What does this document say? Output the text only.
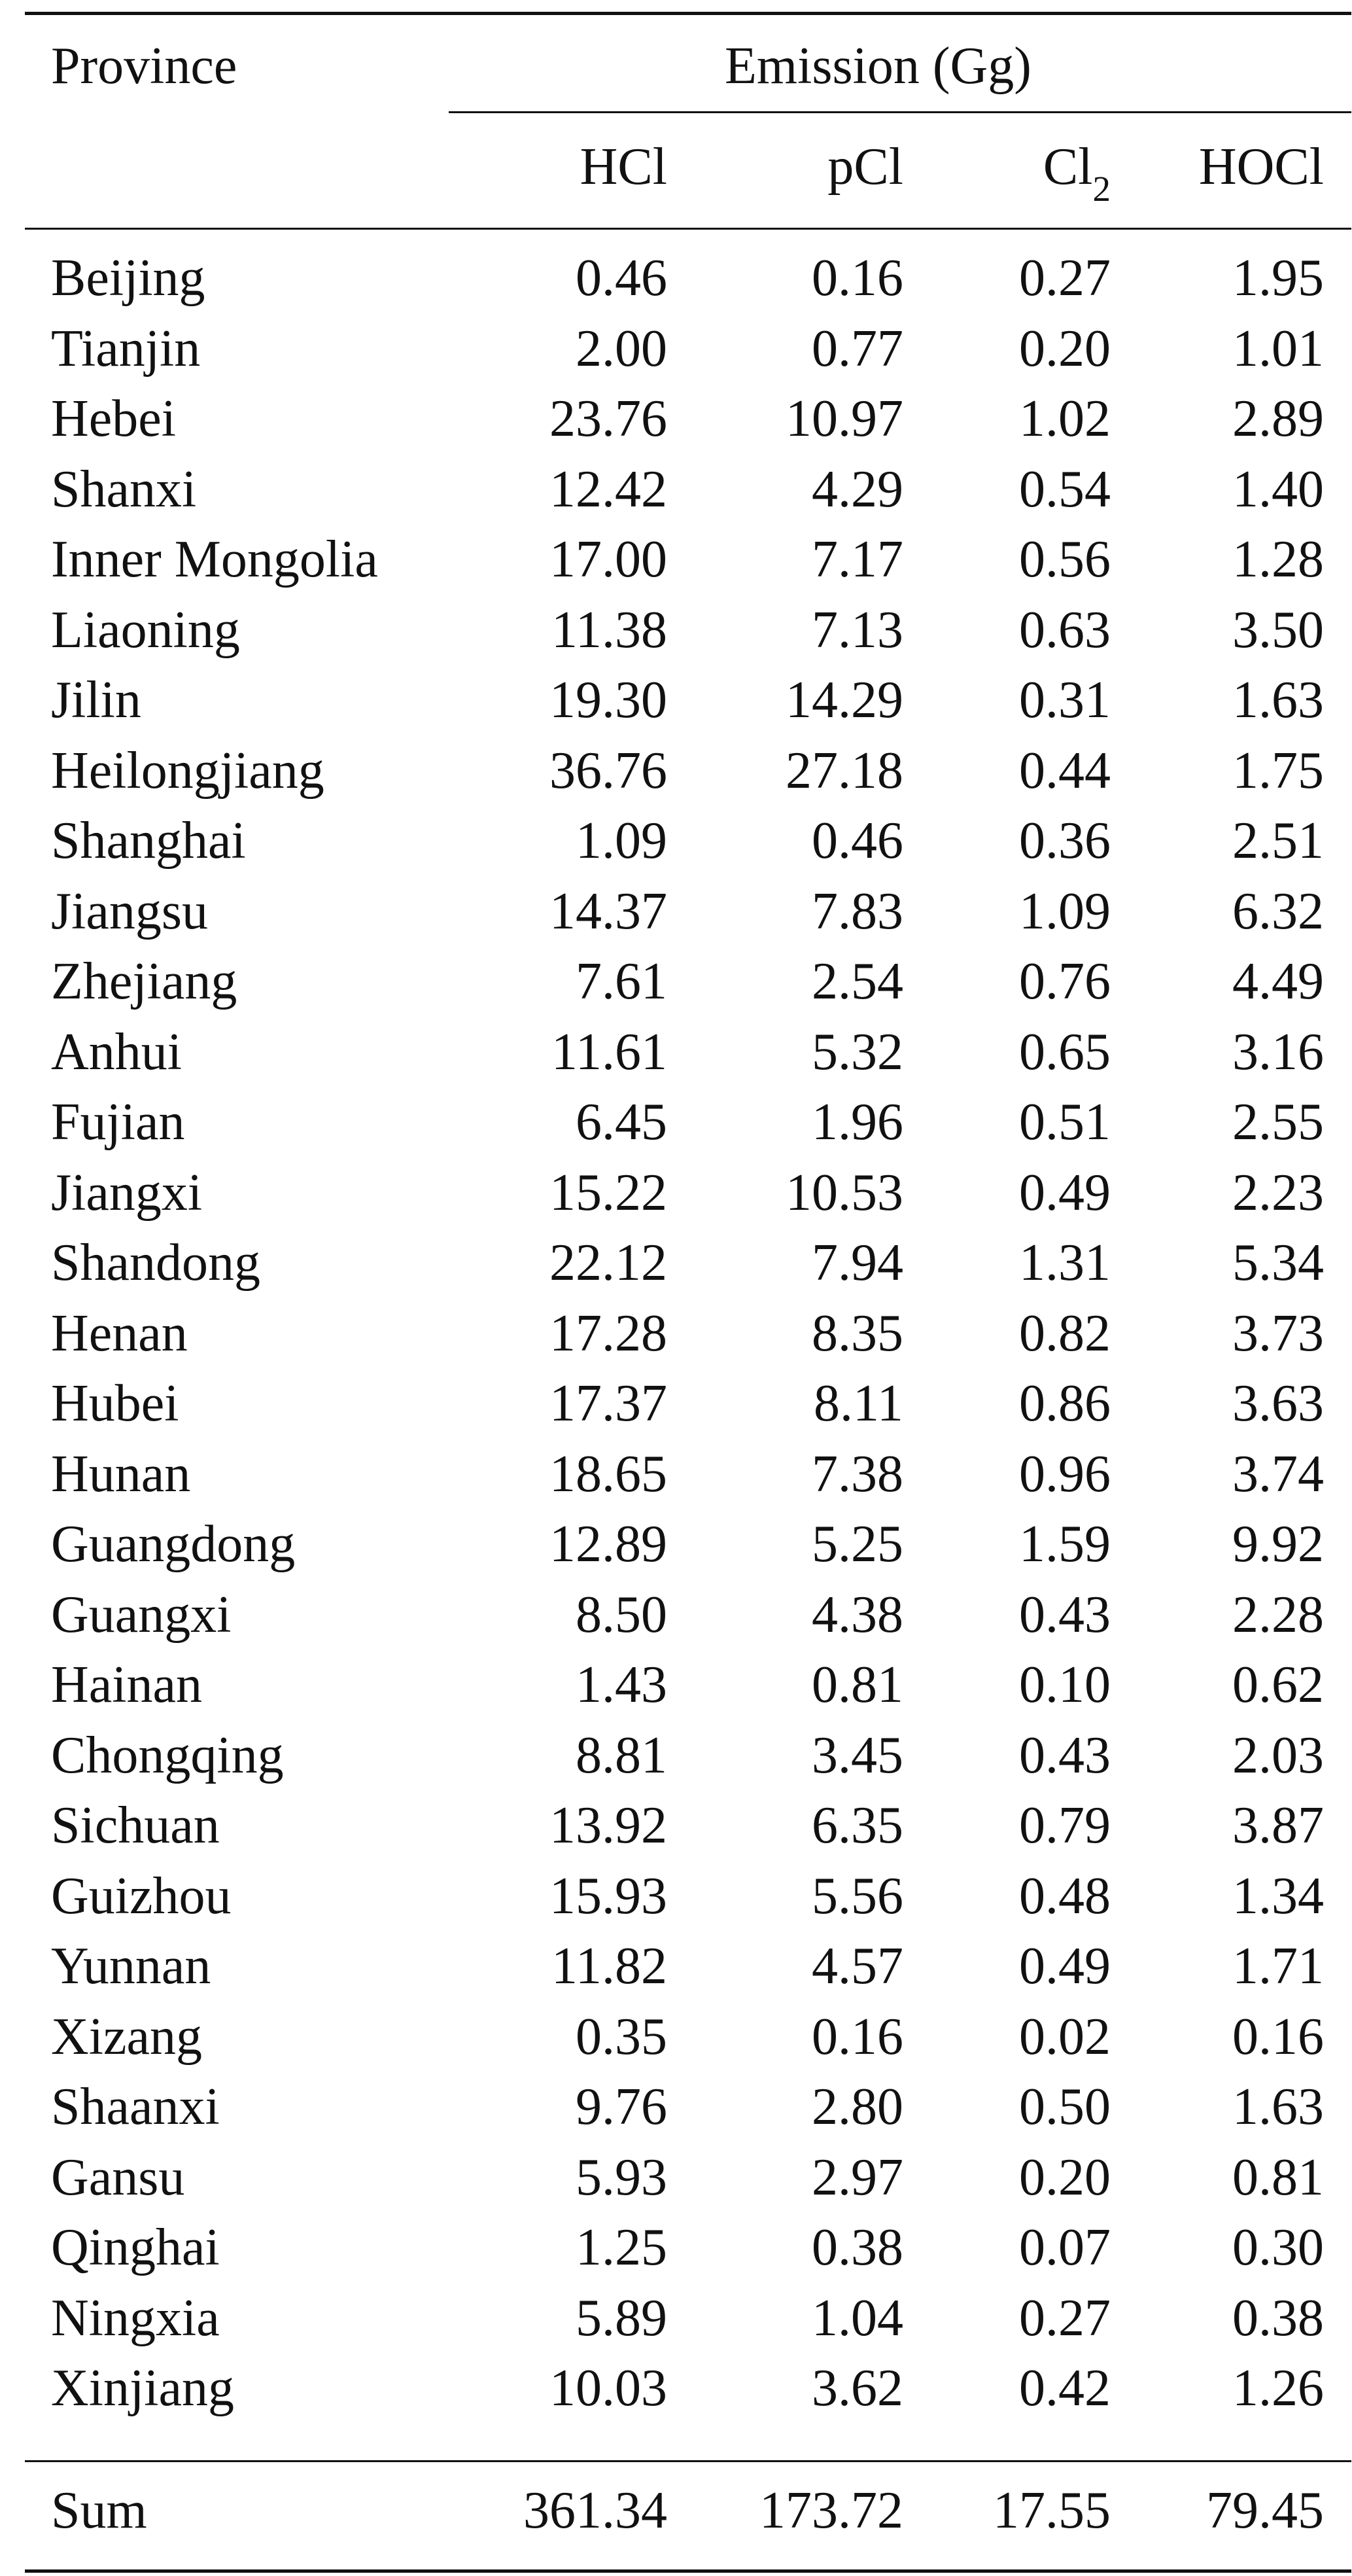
Province	Emission (Gg)
HCl	pCl	$Cl_2$ HOCl
Beijing	0.46	0.16 0.27 1.95
Tianjin	2.00	0.77 0.20 1.01
Hebei	23.76 10.97 1.02 2.89
Shanxi	12.42	4.29 0.54 1.40
Inner Mongolia	17.00	7.17 0.56 1.28
Liaoning	11.38	7.13 0.63 3.50
Jilin	19.30 14.29 0.31 1.63
Heilongjiang	36.76 27.18 0.44 1.75
Shanghai	1.09	0.46 0.36 2.51
Jiangsu	14.37	7.83 1.09 6.32
Zhejiang	7.61	2.54 0.76 4.49
Anhui	11.61	5.32 0.65 3.16
Fujian	6.45	1.96 0.51 2.55
Jiangxi	15.22 10.53 0.49 2.23
Shandong	22.12	7.94 1.31 5.34
Henan	17.28	8.35 0.82 3.73
Hubei	17.37	8.11 0.86 3.63
Hunan	18.65	7.38 0.96 3.74
Guangdong	12.89	5.25 1.59 9.92
Guangxi	8.50	4.38 0.43 2.28
Hainan	1.43	0.81 0.10 0.62
Chongqing	8.81	3.45 0.43 2.03
Sichuan	13.92	6.35 0.79 3.87
Guizhou	15.93	5.56 0.48 1.34
Yunnan	11.82	4.57 0.49 1.71
Xizang	0.35	0.16 0.02 0.16
Shaanxi	9.76	2.80 0.50 1.63
Gansu	5.93	2.97 0.20 0.81
Qinghai	1.25	0.38 0.07 0.30
Ningxia	5.89	1.04 0.27 0.38
Xinjiang	10.03	3.62 0.42 1.26
Sum	361.34 173.72 17.55 79.45
